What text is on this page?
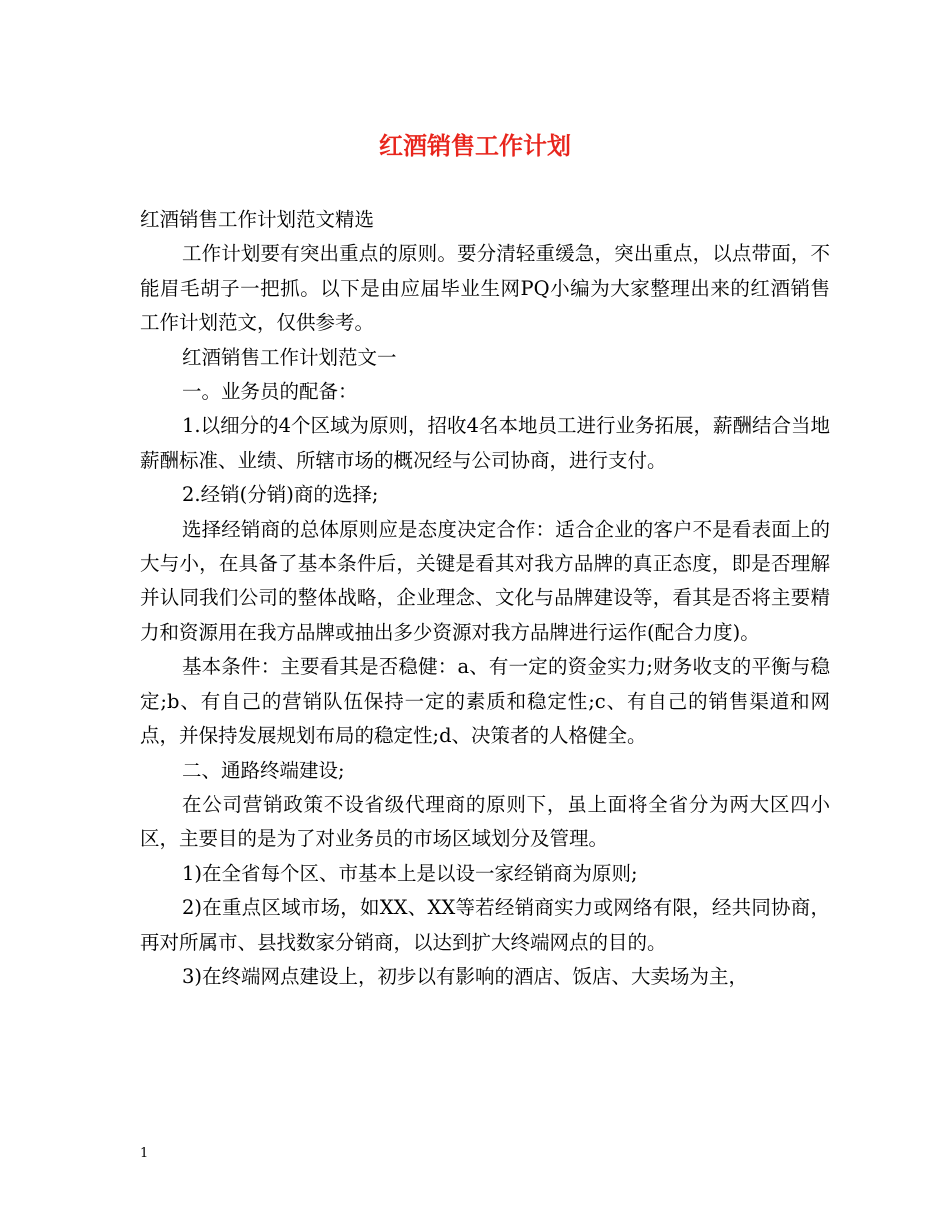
红酒销售工作计划

红酒销售工作计划范文精选

工作计划要有突出重点的原则。要分清轻重缓急，突出重点，以点带面，不能眉毛胡子一把抓。以下是由应届毕业生网PQ小编为大家整理出来的红酒销售工作计划范文，仅供参考。

红酒销售工作计划范文一

一。业务员的配备：

1.以细分的4个区域为原则，招收4名本地员工进行业务拓展，薪酬结合当地薪酬标准、业绩、所辖市场的概况经与公司协商，进行支付。

2.经销(分销)商的选择;

选择经销商的总体原则应是态度决定合作：适合企业的客户不是看表面上的大与小，在具备了基本条件后，关键是看其对我方品牌的真正态度，即是否理解并认同我们公司的整体战略，企业理念、文化与品牌建设等，看其是否将主要精力和资源用在我方品牌或抽出多少资源对我方品牌进行运作(配合力度)。

基本条件：主要看其是否稳健：a、有一定的资金实力;财务收支的平衡与稳定;b、有自己的营销队伍保持一定的素质和稳定性;c、有自己的销售渠道和网点，并保持发展规划布局的稳定性;d、决策者的人格健全。

二、通路终端建设;

在公司营销政策不设省级代理商的原则下，虽上面将全省分为两大区四小区，主要目的是为了对业务员的市场区域划分及管理。

1)在全省每个区、市基本上是以设一家经销商为原则;

2)在重点区域市场，如XX、XX等若经销商实力或网络有限，经共同协商，再对所属市、县找数家分销商，以达到扩大终端网点的目的。

3)在终端网点建设上，初步以有影响的酒店、饭店、大卖场为主，

1
